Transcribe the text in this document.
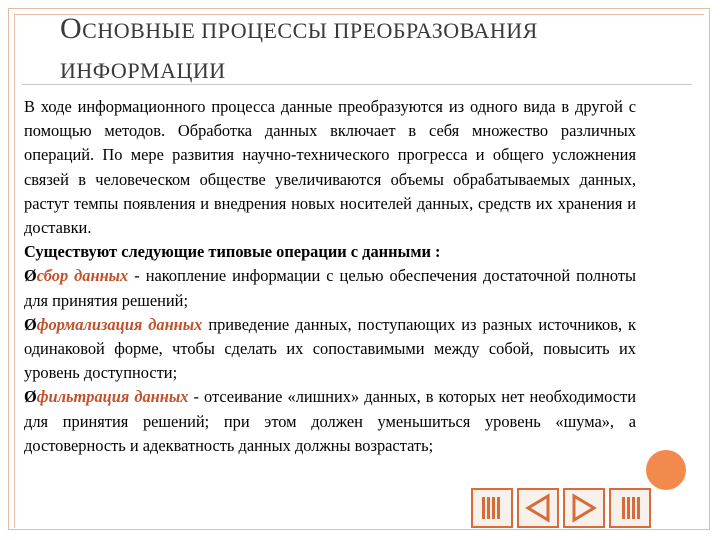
ОСНОВНЫЕ ПРОЦЕССЫ ПРЕОБРАЗОВАНИЯ
ИНФОРМАЦИИ

В ходе информационного процесса данные преобразуются из одного вида в другой с помощью методов. Обработка данных включает в себя множество различных операций. По мере развития научно-технического прогресса и общего усложнения связей в человеческом обществе увеличиваются объемы обрабатываемых данных, растут темпы появления и внедрения новых носителей данных, средств их хранения и доставки.

Существуют следующие типовые операции с данными :

Øсбор данных - накопление информации с целью обеспечения достаточной полноты для принятия решений;

Øформализация данных приведение данных, поступающих из разных источников, к одинаковой форме, чтобы сделать их сопоставимыми между собой, повысить их уровень доступности;

Øфильтрация данных - отсеивание «лишних» данных, в которых нет необходимости для принятия решений; при этом должен уменьшиться уровень «шума», а достоверность и адекватность данных должны возрастать;
